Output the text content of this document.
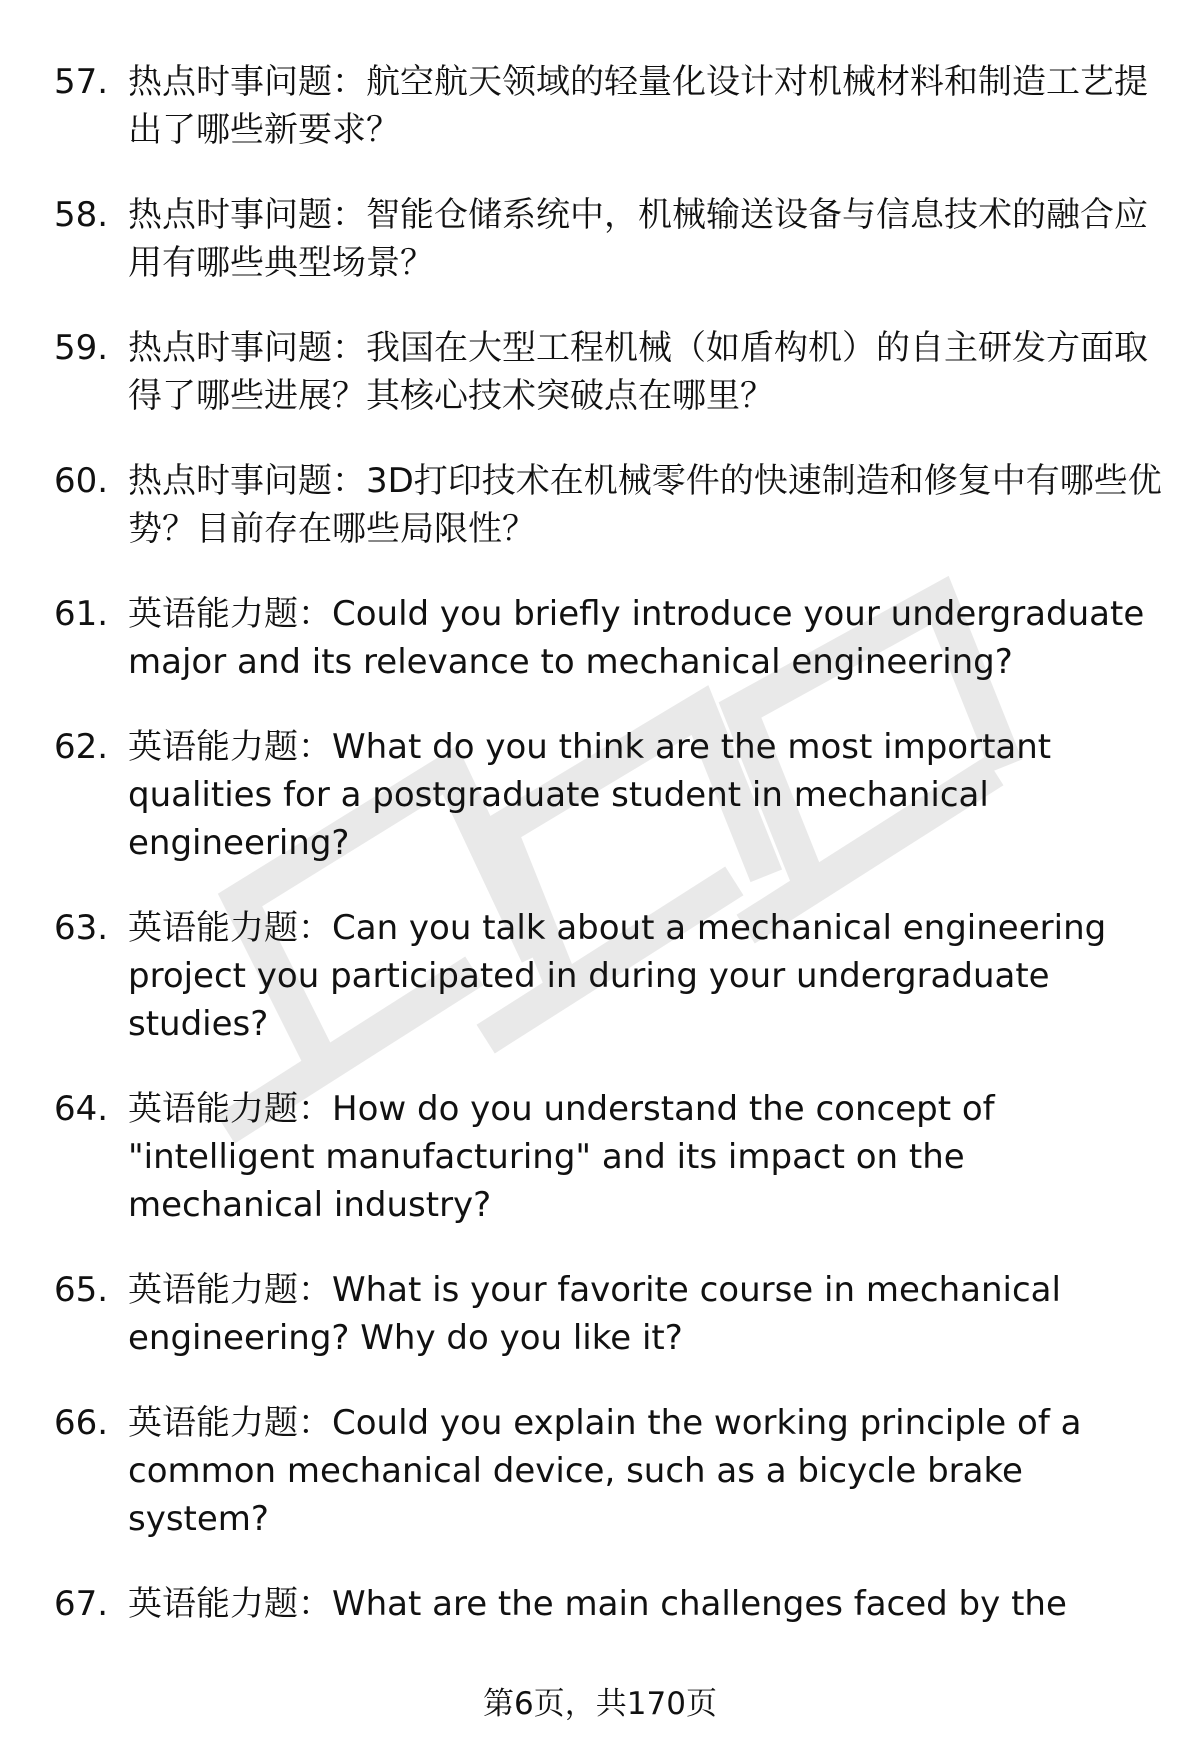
57. 热点时事问题：航空航天领域的轻量化设计对机械材料和制造工艺提出了哪些新要求？
58. 热点时事问题：智能仓储系统中，机械输送设备与信息技术的融合应用有哪些典型场景？
59. 热点时事问题：我国在大型工程机械（如盾构机）的自主研发方面取得了哪些进展？其核心技术突破点在哪里？
60. 热点时事问题：3D打印技术在机械零件的快速制造和修复中有哪些优势？目前存在哪些局限性？
61. 英语能力题：Could you briefly introduce your undergraduate major and its relevance to mechanical engineering?
62. 英语能力题：What do you think are the most important qualities for a postgraduate student in mechanical engineering?
63. 英语能力题：Can you talk about a mechanical engineering project you participated in during your undergraduate studies?
64. 英语能力题：How do you understand the concept of "intelligent manufacturing" and its impact on the mechanical industry?
65. 英语能力题：What is your favorite course in mechanical engineering? Why do you like it?
66. 英语能力题：Could you explain the working principle of a common mechanical device, such as a bicycle brake system?
67. 英语能力题：What are the main challenges faced by the
第6页，共170页
